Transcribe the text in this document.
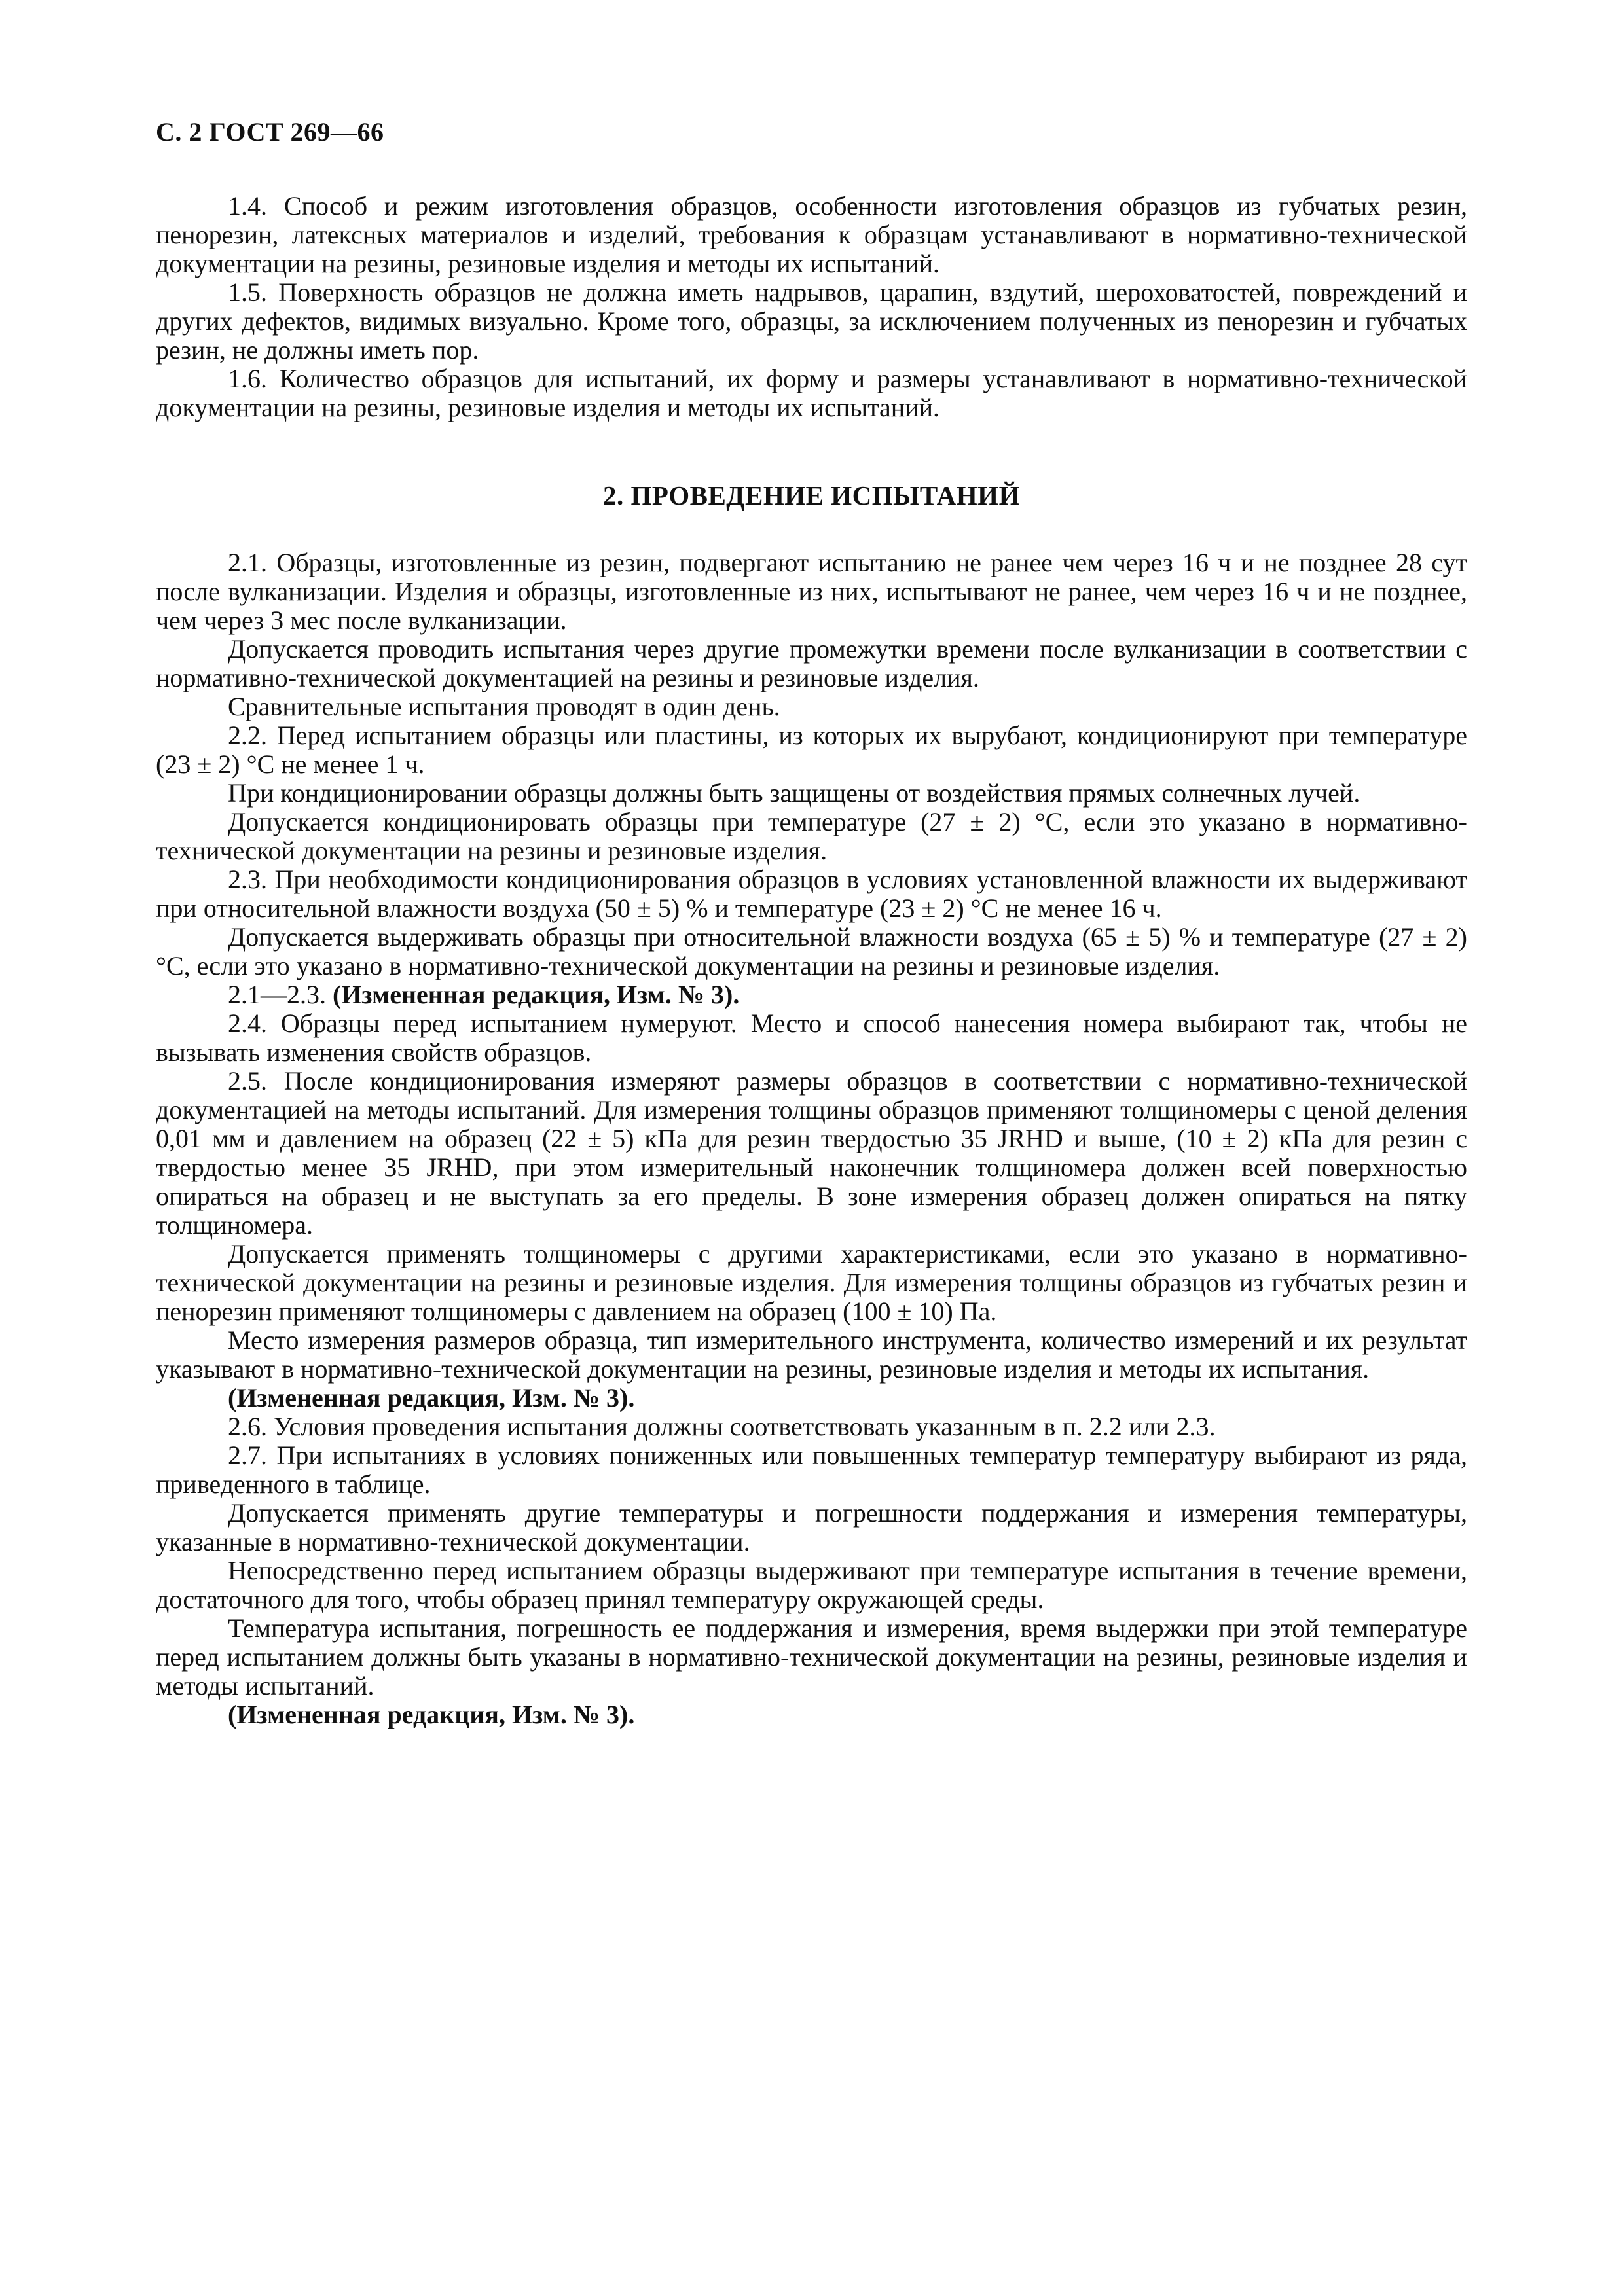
С. 2 ГОСТ 269—66

1.4. Способ и режим изготовления образцов, особенности изготовления образцов из губчатых резин, пенорезин, латексных материалов и изделий, требования к образцам устанавливают в нормативно-технической документации на резины, резиновые изделия и методы их испытаний.

1.5. Поверхность образцов не должна иметь надрывов, царапин, вздутий, шероховатостей, повреждений и других дефектов, видимых визуально. Кроме того, образцы, за исключением полученных из пенорезин и губчатых резин, не должны иметь пор.

1.6. Количество образцов для испытаний, их форму и размеры устанавливают в нормативно-технической документации на резины, резиновые изделия и методы их испытаний.

2. ПРОВЕДЕНИЕ ИСПЫТАНИЙ

2.1. Образцы, изготовленные из резин, подвергают испытанию не ранее чем через 16 ч и не позднее 28 сут после вулканизации. Изделия и образцы, изготовленные из них, испытывают не ранее, чем через 16 ч и не позднее, чем через 3 мес после вулканизации.

Допускается проводить испытания через другие промежутки времени после вулканизации в соответствии с нормативно-технической документацией на резины и резиновые изделия.

Сравнительные испытания проводят в один день.

2.2. Перед испытанием образцы или пластины, из которых их вырубают, кондиционируют при температуре (23 ± 2) °С не менее 1 ч.

При кондиционировании образцы должны быть защищены от воздействия прямых солнечных лучей.

Допускается кондиционировать образцы при температуре (27 ± 2) °С, если это указано в нормативно-технической документации на резины и резиновые изделия.

2.3. При необходимости кондиционирования образцов в условиях установленной влажности их выдерживают при относительной влажности воздуха (50 ± 5) % и температуре (23 ± 2) °С не менее 16 ч.

Допускается выдерживать образцы при относительной влажности воздуха (65 ± 5) % и температуре (27 ± 2) °С, если это указано в нормативно-технической документации на резины и резиновые изделия.

2.1—2.3. (Измененная редакция, Изм. № 3).

2.4. Образцы перед испытанием нумеруют. Место и способ нанесения номера выбирают так, чтобы не вызывать изменения свойств образцов.

2.5. После кондиционирования измеряют размеры образцов в соответствии с нормативно-технической документацией на методы испытаний. Для измерения толщины образцов применяют толщиномеры с ценой деления 0,01 мм и давлением на образец (22 ± 5) кПа для резин твердостью 35 JRHD и выше, (10 ± 2) кПа для резин с твердостью менее 35 JRHD, при этом измерительный наконечник толщиномера должен всей поверхностью опираться на образец и не выступать за его пределы. В зоне измерения образец должен опираться на пятку толщиномера.

Допускается применять толщиномеры с другими характеристиками, если это указано в нормативно-технической документации на резины и резиновые изделия. Для измерения толщины образцов из губчатых резин и пенорезин применяют толщиномеры с давлением на образец (100 ± 10) Па.

Место измерения размеров образца, тип измерительного инструмента, количество измерений и их результат указывают в нормативно-технической документации на резины, резиновые изделия и методы их испытания.

(Измененная редакция, Изм. № 3).

2.6. Условия проведения испытания должны соответствовать указанным в п. 2.2 или 2.3.

2.7. При испытаниях в условиях пониженных или повышенных температур температуру выбирают из ряда, приведенного в таблице.

Допускается применять другие температуры и погрешности поддержания и измерения температуры, указанные в нормативно-технической документации.

Непосредственно перед испытанием образцы выдерживают при температуре испытания в течение времени, достаточного для того, чтобы образец принял температуру окружающей среды.

Температура испытания, погрешность ее поддержания и измерения, время выдержки при этой температуре перед испытанием должны быть указаны в нормативно-технической документации на резины, резиновые изделия и методы испытаний.

(Измененная редакция, Изм. № 3).
